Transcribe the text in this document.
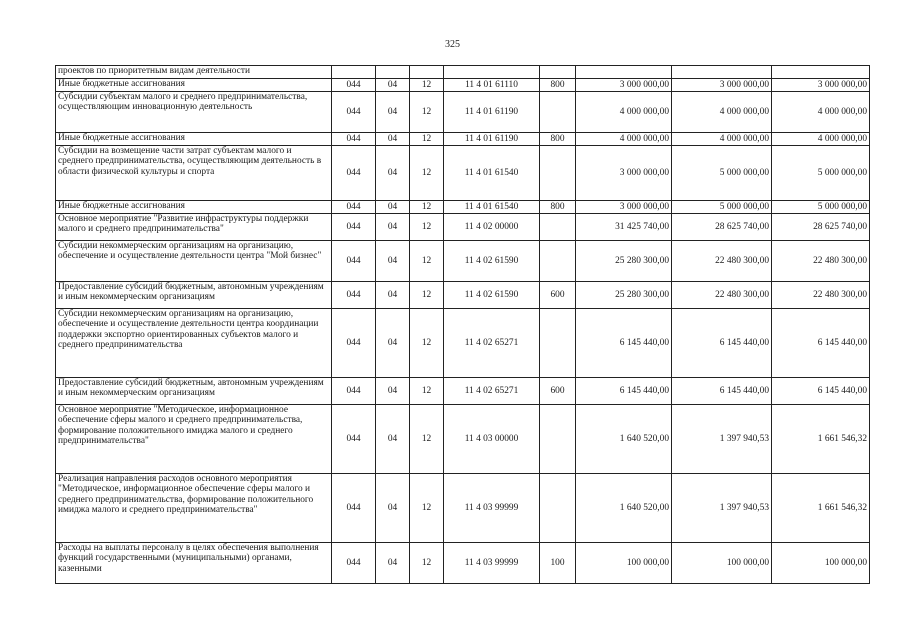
325
проектов по приоритетным видам деятельности								
Иные бюджетные ассигнования	044	04	12	11 4 01 61110	800	3 000 000,00	3 000 000,00	3 000 000,00
Субсидии субъектам малого и среднего предпринимательства, осуществляющим инновационную деятельность	044	04	12	11 4 01 61190		4 000 000,00	4 000 000,00	4 000 000,00
Иные бюджетные ассигнования	044	04	12	11 4 01 61190	800	4 000 000,00	4 000 000,00	4 000 000,00
Субсидии на возмещение части затрат субъектам малого и среднего предпринимательства, осуществляющим деятельность в области физической культуры и спорта	044	04	12	11 4 01 61540		3 000 000,00	5 000 000,00	5 000 000,00
Иные бюджетные ассигнования	044	04	12	11 4 01 61540	800	3 000 000,00	5 000 000,00	5 000 000,00
Основное мероприятие "Развитие инфраструктуры поддержки малого и среднего предпринимательства"	044	04	12	11 4 02 00000		31 425 740,00	28 625 740,00	28 625 740,00
Субсидии некоммерческим организациям на организацию, обеспечение и осуществление деятельности центра "Мой бизнес"	044	04	12	11 4 02 61590		25 280 300,00	22 480 300,00	22 480 300,00
Предоставление субсидий бюджетным, автономным учреждениям и иным некоммерческим организациям	044	04	12	11 4 02 61590	600	25 280 300,00	22 480 300,00	22 480 300,00
Субсидии некоммерческим организациям на организацию, обеспечение и осуществление деятельности центра координации поддержки экспортно ориентированных субъектов малого и среднего предпринимательства	044	04	12	11 4 02 65271		6 145 440,00	6 145 440,00	6 145 440,00
Предоставление субсидий бюджетным, автономным учреждениям и иным некоммерческим организациям	044	04	12	11 4 02 65271	600	6 145 440,00	6 145 440,00	6 145 440,00
Основное мероприятие "Методическое, информационное обеспечение сферы малого и среднего предпринимательства, формирование положительного имиджа малого и среднего предпринимательства"	044	04	12	11 4 03 00000		1 640 520,00	1 397 940,53	1 661 546,32
Реализация направления расходов основного мероприятия "Методическое, информационное обеспечение сферы малого и среднего предпринимательства, формирование положительного имиджа малого и среднего предпринимательства"	044	04	12	11 4 03 99999		1 640 520,00	1 397 940,53	1 661 546,32
Расходы на выплаты персоналу в целях обеспечения выполнения функций государственными (муниципальными) органами, казенными	044	04	12	11 4 03 99999	100	100 000,00	100 000,00	100 000,00
